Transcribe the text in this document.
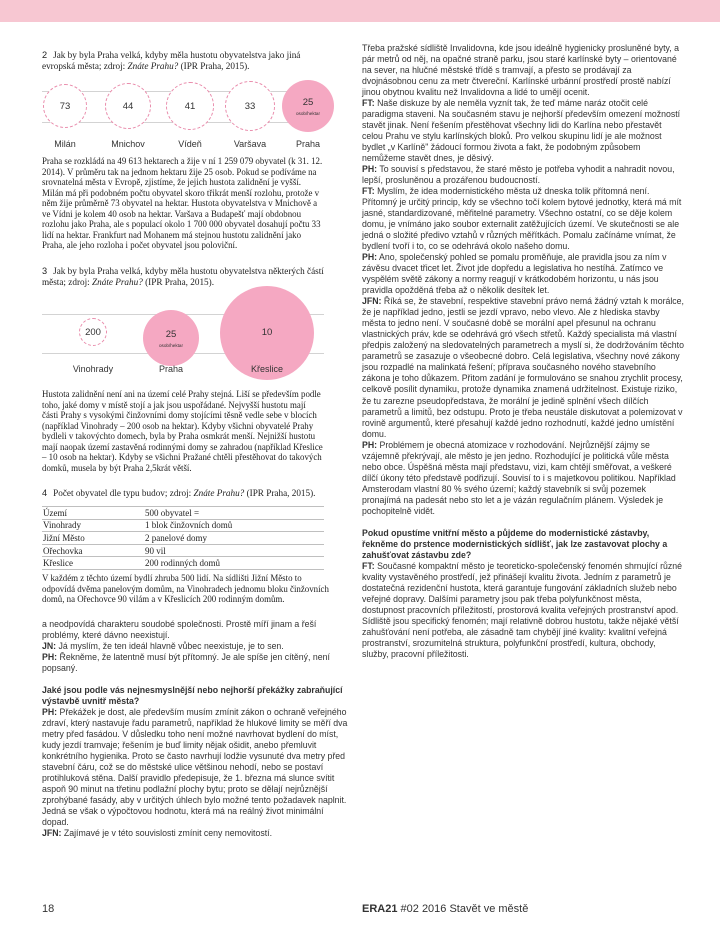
2 Jak by byla Praha velká, kdyby měla hustotu obyvatelstva jako jiná evropská města; zdroj: Znáte Prahu? (IPR Praha, 2015).
Praha se rozkládá na 49 613 hektarech a žije v ní 1 259 079 obyvatel (k 31. 12. 2014). V průměru tak na jednom hektaru žije 25 osob. Pokud se podíváme na srovnatelná města v Evropě, zjistíme, že jejich hustota zalidnění je vyšší. Milán má při podobném počtu obyvatel skoro třikrát menší rozlohu, protože v něm žije průměrně 73 obyvatel na hektar. Hustota obyvatelstva v Mnichově a ve Vídni je kolem 40 osob na hektar. Varšava a Budapešť mají obdobnou rozlohu jako Praha, ale s populací okolo 1 700 000 obyvatel dosahují počtu 33 lidí na hektar. Frankfurt nad Mohanem má stejnou hustotu zalidnění jako Praha, ale jeho rozloha i počet obyvatel jsou poloviční.
3 Jak by byla Praha velká, kdyby měla hustotu obyvatelstva některých částí města; zdroj: Znáte Prahu? (IPR Praha, 2015).
Hustota zalidnění není ani na území celé Prahy stejná. Liší se především podle toho, jaké domy v místě stojí a jak jsou uspořádané. Nejvyšší hustotu mají části Prahy s vysokými činžovními domy stojícími těsně vedle sebe v blocích (například Vinohrady – 200 osob na hektar). Kdyby všichni obyvatelé Prahy bydleli v takovýchto domech, byla by Praha osmkrát menší. Nejnižší hustotu mají naopak území zastavěná rodinnými domy se zahradou (například Křeslice – 10 osob na hektar). Kdyby se všichni Pražané chtěli přestěhovat do takových domků, musela by být Praha 2,5krát větší.
4 Počet obyvatel dle typu budov; zdroj: Znáte Prahu? (IPR Praha, 2015).
Území	500 obyvatel =
Vinohrady	1 blok činžovních domů
Jižní Město	2 panelové domy
Ořechovka	90 vil
Křeslice	200 rodinných domů
V každém z těchto území bydlí zhruba 500 lidí. Na sídlišti Jižní Město to odpovídá dvěma panelovým domům, na Vinohradech jednomu bloku činžovních domů, na Ořechovce 90 vilám a v Křeslicích 200 rodinným domům.

a neodpovídá charakteru soudobé společnosti. Prostě míří jinam a řeší problémy, které dávno neexistují.

JN: Já myslím, že ten ideál hlavně vůbec neexistuje, je to sen.

PH: Řekněme, že latentně musí být přítomný. Je ale spíše jen cítěný, není popsaný.

Jaké jsou podle vás nejnesmyslnější nebo nejhorší překážky zabraňující výstavbě uvnitř města?

PH: Překážek je dost, ale především musím zmínit zákon o ochraně veřejného zdraví, který nastavuje řadu parametrů, například že hlukové limity se měří dva metry před fasádou. V důsledku toho není možné navrhovat bydlení do míst, kudy jezdí tramvaje; řešením je buď limity nějak ošidit, anebo přemluvit konkrétního hygienika. Proto se často navrhují lodžie vysunuté dva metry před stavební čáru, což se do městské ulice většinou nehodí, nebo se postaví protihluková stěna. Další pravidlo předepisuje, že 1. března má slunce svítit aspoň 90 minut na třetinu podlažní plochy bytu; proto se dělají nejrůznější zprohýbané fasády, aby v určitých úhlech bylo možné tento požadavek naplnit. Jedná se však o výpočtovou hodnotu, která má na reálný život minimální dopad.

JFN: Zajímavé je v této souvislosti zmínit ceny nemovitostí.

Třeba pražské sídliště Invalidovna, kde jsou ideálně hygienicky prosluněné byty, a pár metrů od něj, na opačné straně parku, jsou staré karlínské byty – orientované na sever, na hlučné městské třídě s tramvají, a přesto se prodávají za dvojnásobnou cenu za metr čtvereční. Karlínské urbánní prostředí prostě nabízí jinou obytnou kvalitu než Invalidovna a lidé to umějí ocenit.

FT: Naše diskuze by ale neměla vyznít tak, že teď máme naráz otočit celé paradigma staveni. Na současném stavu je nejhorší především omezení možností stavět jinak. Není řešením přestěhovat všechny lidi do Karlína nebo přestavět celou Prahu ve stylu karlínských bloků. Pro velkou skupinu lidí je ale možnost bydlet „v Karlíně" žádoucí formou života a fakt, že podobným způsobem nemůžeme stavět dnes, je děsivý.

PH: To souvisí s představou, že staré město je potřeba vyhodit a nahradit novou, lepší, prosluněnou a prozářenou budoucností.

FT: Myslím, že idea modernistického města už dneska tolik přítomná není. Přítomný je určitý princip, kdy se všechno točí kolem bytové jednotky, která má mít jasné, standardizované, měřitelné parametry. Všechno ostatní, co se děje kolem domu, je vnímáno jako soubor externalit zatěžujících území. Ve skutečnosti se ale jedná o složité předivo vztahů v různých měřítkách. Pomalu začínáme vnímat, že bydlení tvoří i to, co se odehrává okolo našeho domu.

PH: Ano, společenský pohled se pomalu proměňuje, ale pravidla jsou za ním v závěsu dvacet třicet let. Život jde dopředu a legislativa ho nestíhá. Zatímco ve vyspělém světě zákony a normy reagují v krátkodobém horizontu, u nás jsou pravidla opožděná třeba až o několik desítek let.

JFN: Říká se, že stavební, respektive stavební právo nemá žádný vztah k morálce, že je například jedno, jestli se jezdí vpravo, nebo vlevo. Ale z hlediska stavby města to jedno není. V současné době se morální apel přesunul na ochranu vlastnických práv, kde se odehrává gró všech střetů. Každý specialista má vlastní předpis založený na sledovatelných parametrech a myslí si, že dodržováním těchto parametrů se zasazuje o všeobecné dobro. Celá legislativa, všechny nové zákony jsou rozpadlé na malinkatá řešení; příprava současného nového stavebního zákona je toho důkazem. Přitom zadání je formulováno se snahou zrychlit procesy, celkově posílit dynamiku, protože dynamika znamená udržitelnost. Existuje riziko, že tu zarezne pseudopředstava, že morální je jedině splnění všech dílčích parametrů a limitů, bez odstupu. Proto je třeba neustále diskutovat a polemizovat v rovině argumentů, které přesahují každé jedno rozhodnutí, každé jedno umístění domu.

PH: Problémem je obecná atomizace v rozhodování. Nejrůznější zájmy se vzájemně překrývají, ale město je jen jedno. Rozhodující je politická vůle města nebo obce. Úspěšná města mají představu, vizi, kam chtějí směřovat, a veškeré dílčí úkony této představě podřizují. Souvisí to i s majetkovou politikou. Například Amsterodam vlastní 80 % svého území; každý stavebník si svůj pozemek pronajímá na padesát nebo sto let a je vázán regulačním plánem. Výsledek je pochopitelně vidět.

Pokud opustíme vnitřní město a půjdeme do modernistické zástavby, řekněme do prstence modernistických sídlišť, jak lze zastavovat plochy a zahušťovat zástavbu zde?

FT: Současné kompaktní město je teoreticko-společenský fenomén shrnující různé kvality vystavěného prostředí, jež přinášejí kvalitu života. Jedním z parametrů je dostatečná rezidenční hustota, která garantuje fungování základních služeb nebo veřejné dopravy. Dalšími parametry jsou pak třeba polyfunkčnost města, dostupnost pracovních příležitostí, prostorová kvalita veřejných prostranství apod. Sídliště jsou specifický fenomén; mají relativně dobrou hustotu, takže nějaké větší zahušťování není potřeba, ale zásadně tam chybějí jiné kvality: kvalitní veřejná prostranství, srozumitelná struktura, polyfunkční prostředí, kultura, obchody, služby, pracovní příležitosti.

18	ERA21 #02 2016 Stavět ve městě
73
Milán
44
Mnichov
41
Vídeň
33
Varšava
25
osob/hektar
Praha
200
Vinohrady
25
osob/hektar
Praha
10
Křeslice
